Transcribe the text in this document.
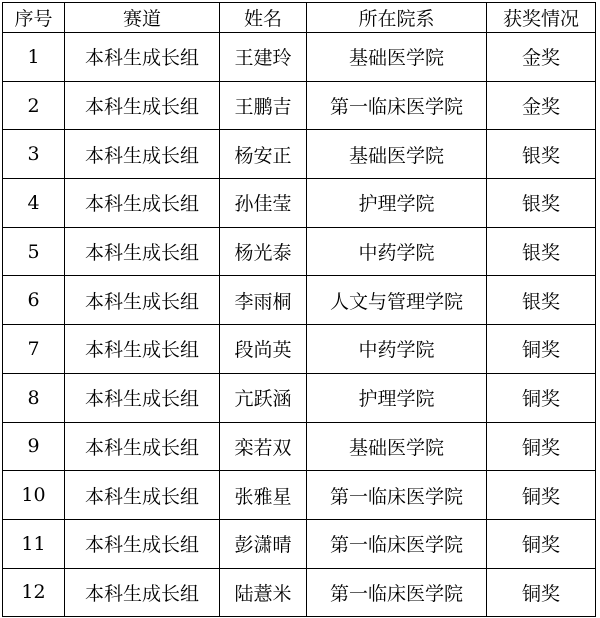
序号	赛道	姓名	所在院系	获奖情况
1	本科生成长组	王建玲	基础医学院	金奖
2	本科生成长组	王鹏吉	第一临床医学院	金奖
3	本科生成长组	杨安正	基础医学院	银奖
4	本科生成长组	孙佳莹	护理学院	银奖
5	本科生成长组	杨光泰	中药学院	银奖
6	本科生成长组	李雨桐	人文与管理学院	银奖
7	本科生成长组	段尚英	中药学院	铜奖
8	本科生成长组	亢跃涵	护理学院	铜奖
9	本科生成长组	栾若双	基础医学院	铜奖
10	本科生成长组	张雅星	第一临床医学院	铜奖
11	本科生成长组	彭潇晴	第一临床医学院	铜奖
12	本科生成长组	陆薏米	第一临床医学院	铜奖
